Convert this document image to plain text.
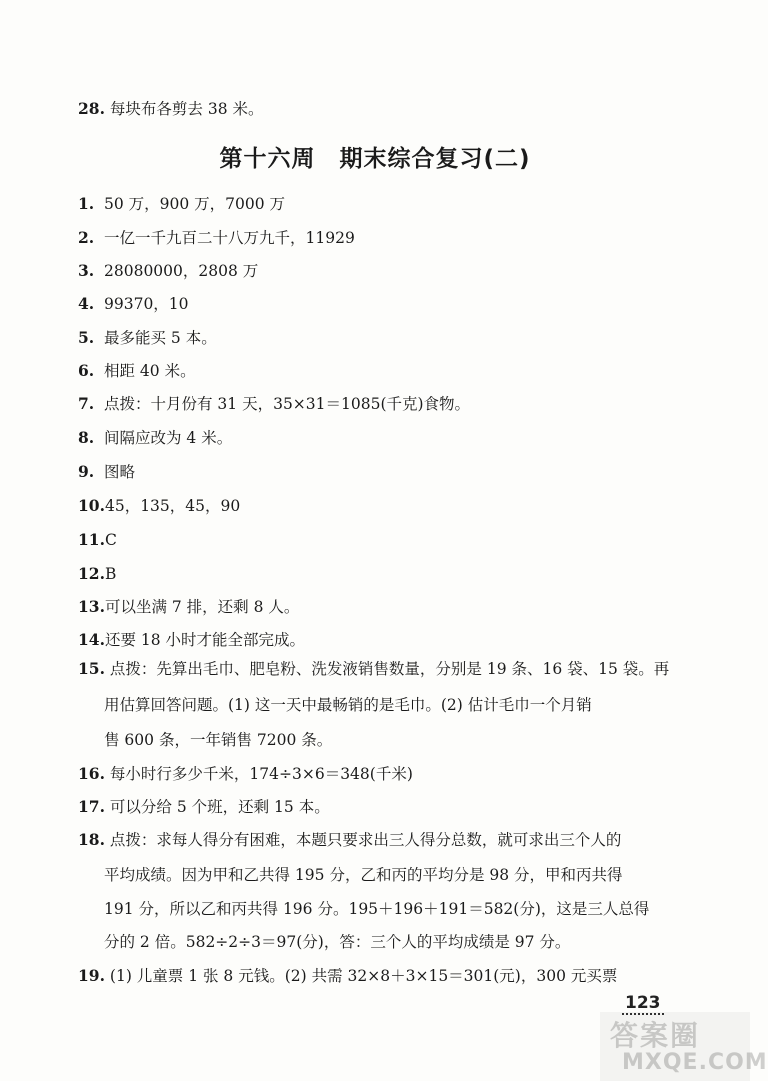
28. 每块布各剪去 38 米。
第十六周　期末综合复习(二)
1. 50 万，900 万，7000 万
2. 一亿一千九百二十八万九千，11929
3. 28080000，2808 万
4. 99370，10
5. 最多能买 5 本。
6. 相距 40 米。
7. 点拨：十月份有 31 天，35×31＝1085(千克)食物。
8. 间隔应改为 4 米。
9. 图略
10.45，135，45，90
11.C
12.B
13.可以坐满 7 排，还剩 8 人。
14.还要 18 小时才能全部完成。
15. 点拨：先算出毛巾、肥皂粉、洗发液销售数量，分别是 19 条、16 袋、15 袋。再
用估算回答问题。(1) 这一天中最畅销的是毛巾。(2) 估计毛巾一个月销
售 600 条，一年销售 7200 条。
16. 每小时行多少千米，174÷3×6＝348(千米)
17. 可以分给 5 个班，还剩 15 本。
18. 点拨：求每人得分有困难，本题只要求出三人得分总数，就可求出三个人的
平均成绩。因为甲和乙共得 195 分，乙和丙的平均分是 98 分，甲和丙共得
191 分，所以乙和丙共得 196 分。195＋196＋191＝582(分)，这是三人总得
分的 2 倍。582÷2÷3＝97(分)，答：三个人的平均成绩是 97 分。
19. (1) 儿童票 1 张 8 元钱。(2) 共需 32×8＋3×15＝301(元)，300 元买票
123
答案圈
MXQE.COM
